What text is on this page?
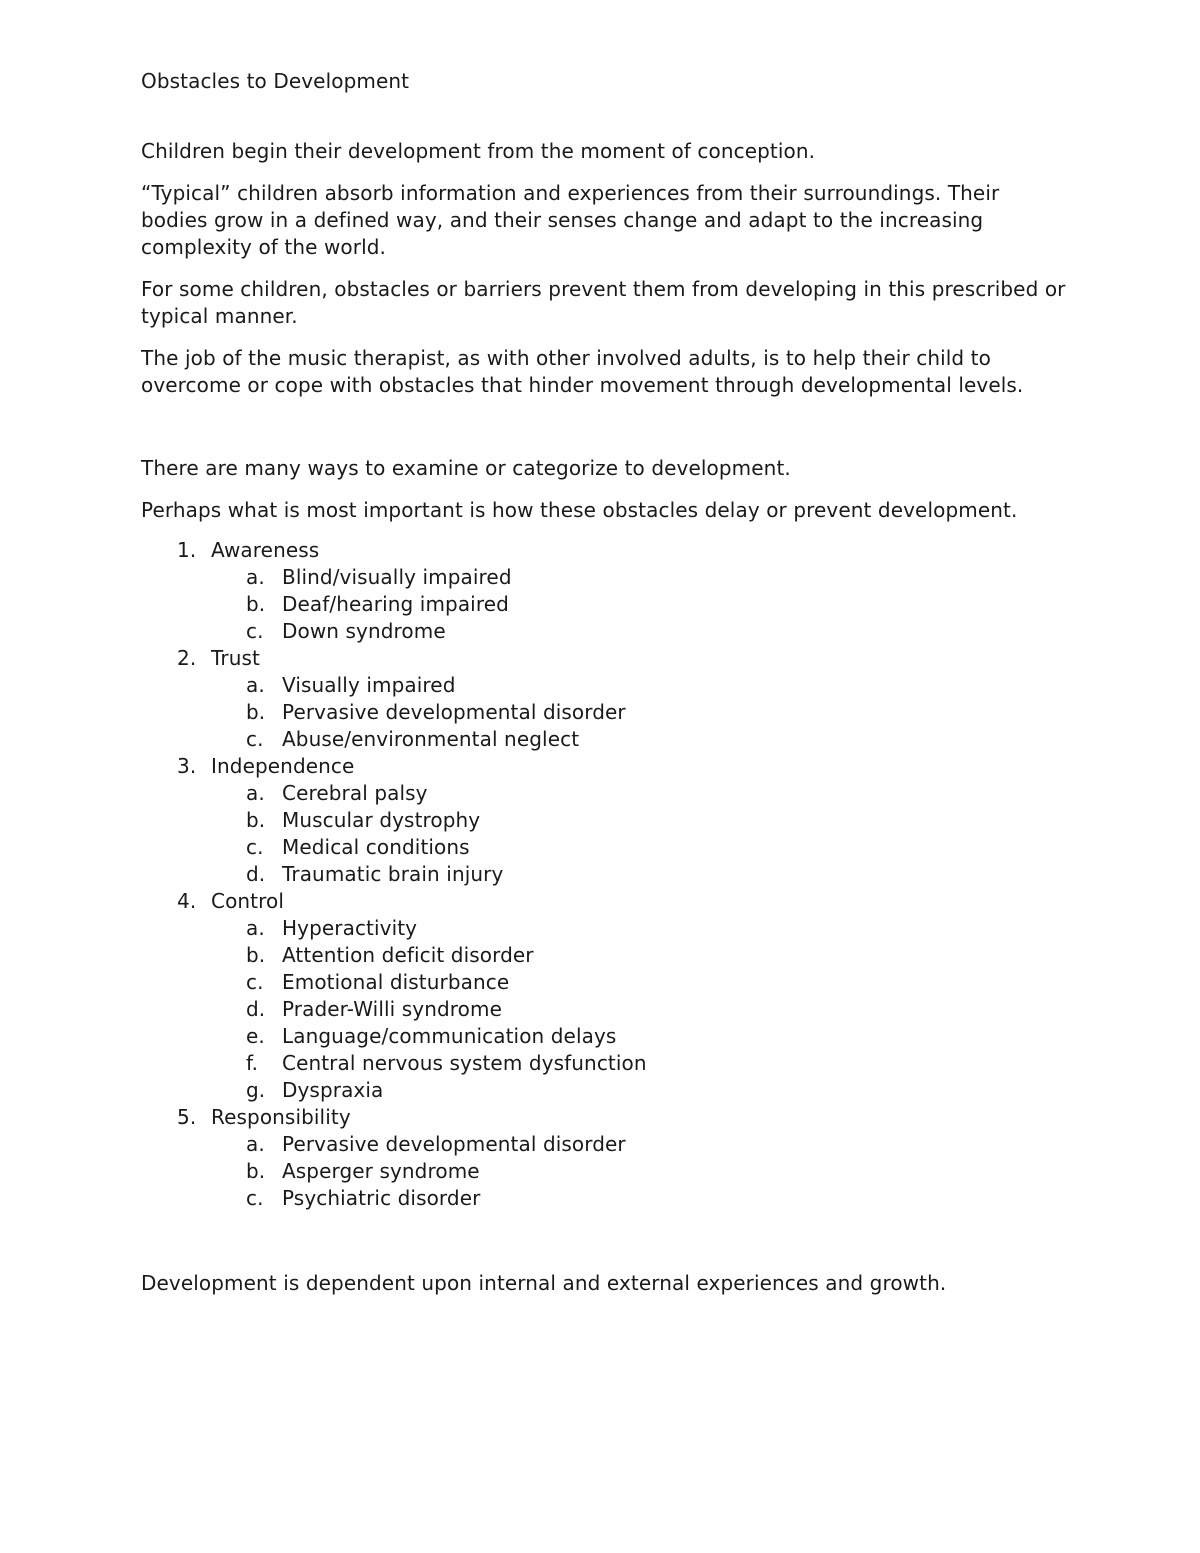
Obstacles to Development

Children begin their development from the moment of conception.

“Typical” children absorb information and experiences from their surroundings. Their bodies grow in a defined way, and their senses change and adapt to the increasing complexity of the world.

For some children, obstacles or barriers prevent them from developing in this prescribed or typical manner.

The job of the music therapist, as with other involved adults, is to help their child to overcome or cope with obstacles that hinder movement through developmental levels.

There are many ways to examine or categorize to development.

Perhaps what is most important is how these obstacles delay or prevent development.

1. Awareness
a. Blind/visually impaired
b. Deaf/hearing impaired
c. Down syndrome
2. Trust
a. Visually impaired
b. Pervasive developmental disorder
c. Abuse/environmental neglect
3. Independence
a. Cerebral palsy
b. Muscular dystrophy
c. Medical conditions
d. Traumatic brain injury
4. Control
a. Hyperactivity
b. Attention deficit disorder
c. Emotional disturbance
d. Prader-Willi syndrome
e. Language/communication delays
f. Central nervous system dysfunction
g. Dyspraxia
5. Responsibility
a. Pervasive developmental disorder
b. Asperger syndrome
c. Psychiatric disorder

Development is dependent upon internal and external experiences and growth.
